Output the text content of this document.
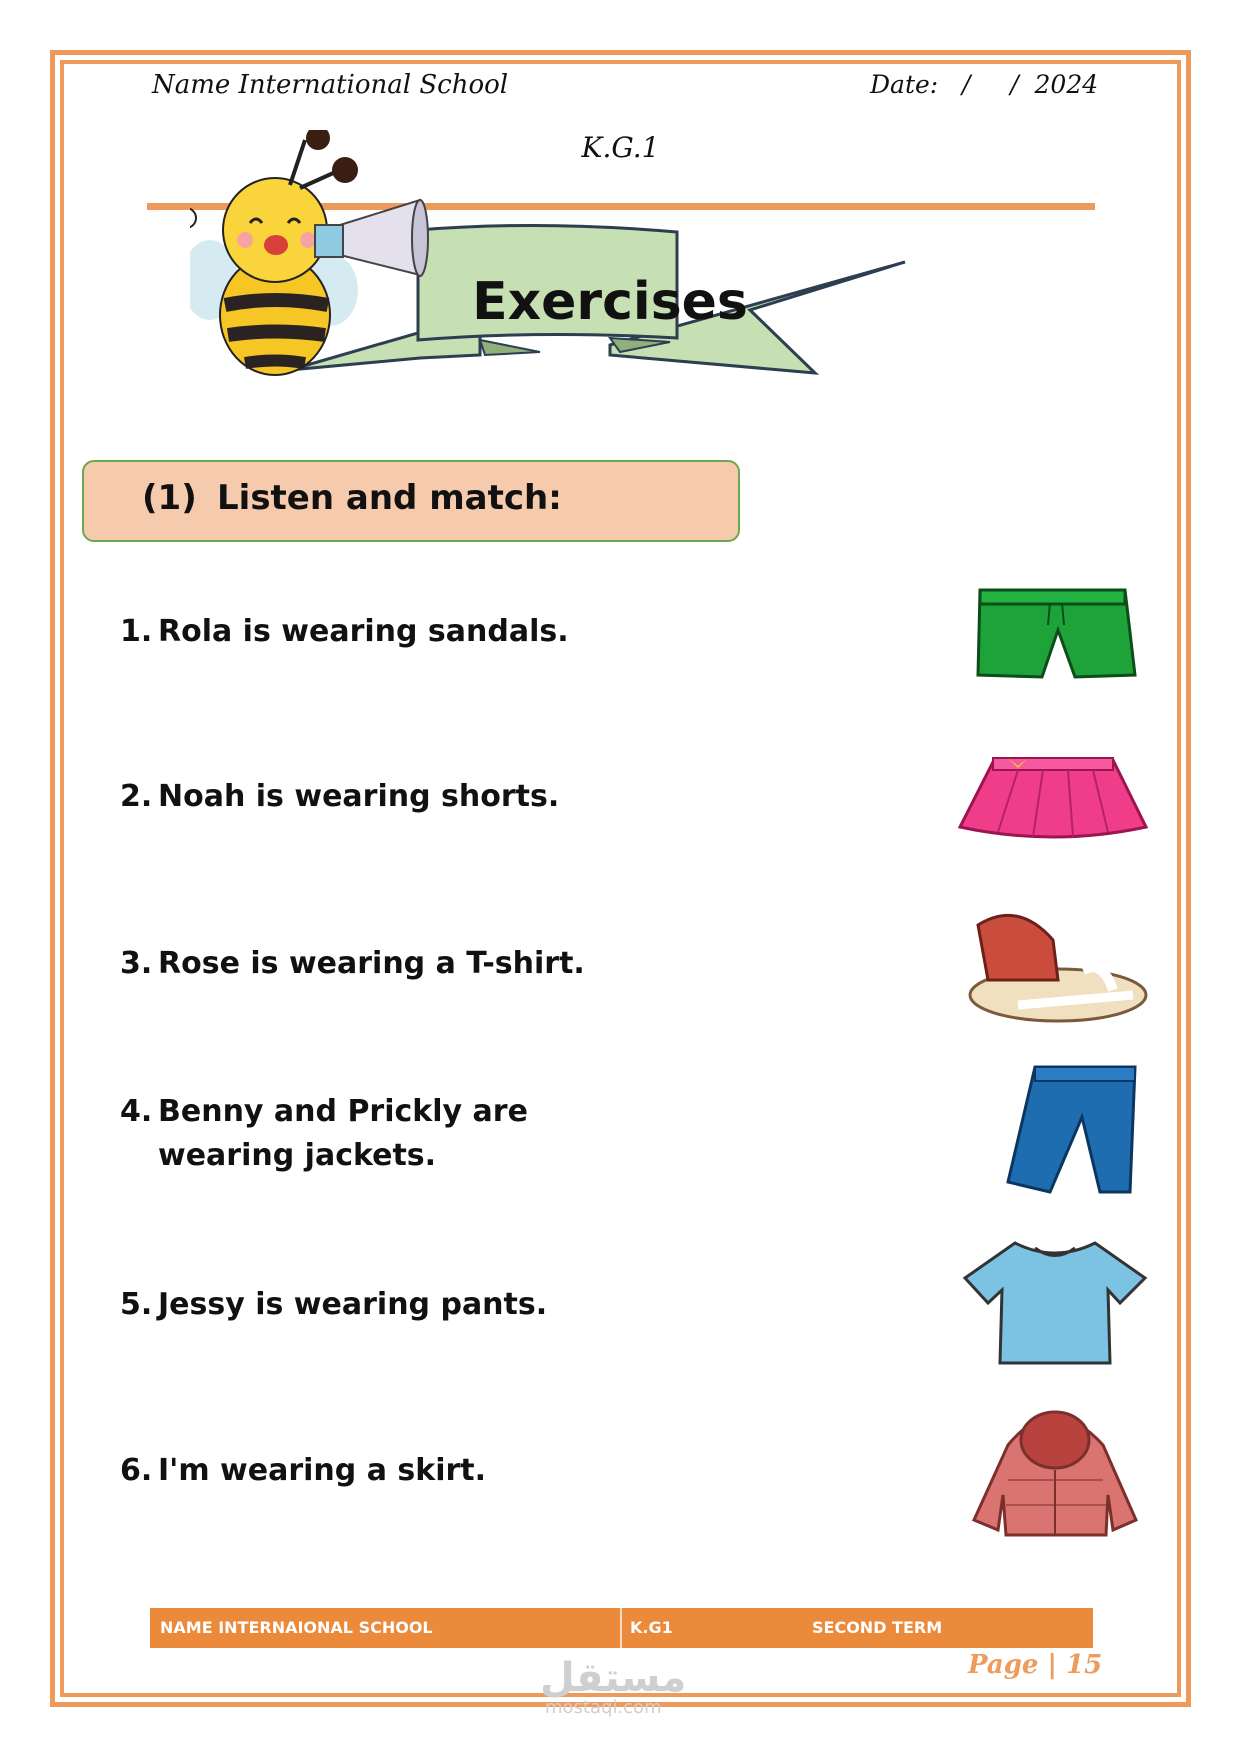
Name International School	Date:   /     /  2024
K.G.1
Exercises
(1) Listen and match:
1. Rola is wearing sandals.
2. Noah is wearing shorts.
3. Rose is wearing a T-shirt.
4. Benny and Prickly are wearing jackets.
5. Jessy is wearing pants.
6. I'm wearing a skirt.
NAME INTERNAIONAL SCHOOL	K.G1	SECOND TERM
Page | 15
مستقل
mostaqi.com
